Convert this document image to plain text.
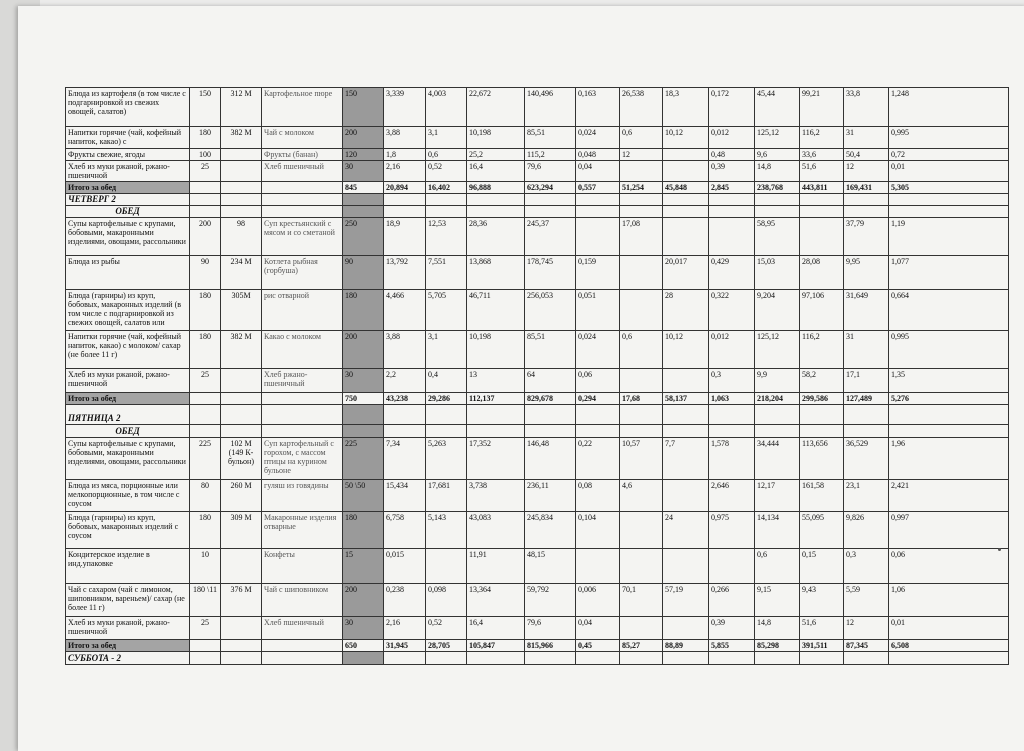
Блюда из картофеля (в том числе с подгарнировкой из свежих овощей, салатов)	150	312 М	Картофельное пюре	150	3,339	4,003	22,672	140,496	0,163	26,538	18,3	0,172	45,44	99,21	33,8	1,248
Напитки горячие (чай, кофейный напиток, какао) с	180	382 М	Чай с молоком	200	3,88	3,1	10,198	85,51	0,024	0,6	10,12	0,012	125,12	116,2	31	0,995
Фрукты свежие, ягоды	100		Фрукты (банан)	120	1,8	0,6	25,2	115,2	0,048	12		0,48	9,6	33,6	50,4	0,72
Хлеб из муки ржаной, ржано-пшеничной	25		Хлеб пшеничный	30	2,16	0,52	16,4	79,6	0,04			0,39	14,8	51,6	12	0,01
Итого за обед				845	20,894	16,402	96,888	623,294	0,557	51,254	45,848	2,845	238,768	443,811	169,431	5,305
ЧЕТВЕРГ 2																
ОБЕД																
Супы картофельные с крупами, бобовыми, макаронными изделиями, овощами, рассольники	200	98	Суп крестьянский с мясом и со сметаной	250	18,9	12,53	28,36	245,37		17,08			58,95		37,79	1,19
Блюда из рыбы	90	234 М	Котлета рыбная (горбуша)	90	13,792	7,551	13,868	178,745	0,159		20,017	0,429	15,03	28,08	9,95	1,077
Блюда (гарниры) из круп, бобовых, макаронных изделий (в том числе с подгарнировкой из свежих овощей, салатов или	180	305М	рис отварной	180	4,466	5,705	46,711	256,053	0,051		28	0,322	9,204	97,106	31,649	0,664
Напитки горячие (чай, кофейный напиток, какао) с молоком/ сахар (не более 11 г)	180	382 М	Какао с молоком	200	3,88	3,1	10,198	85,51	0,024	0,6	10,12	0,012	125,12	116,2	31	0,995
Хлеб из муки ржаной, ржано-пшеничной	25		Хлеб ржано-пшеничный	30	2,2	0,4	13	64	0,06			0,3	9,9	58,2	17,1	1,35
Итого за обед				750	43,238	29,286	112,137	829,678	0,294	17,68	58,137	1,063	218,204	299,586	127,489	5,276
ПЯТНИЦА 2																
ОБЕД																
Супы картофельные с крупами, бобовыми, макаронными изделиями, овощами, рассольники	225	102 М (149 К-бульон)	Суп картофельный с горохом, с массом птицы на курином бульоне	225	7,34	5,263	17,352	146,48	0,22	10,57	7,7	1,578	34,444	113,656	36,529	1,96
Блюда из мяса, порционные или мелкопорционные, в том числе с соусом	80	260 М	гуляш из говядины	50 \50	15,434	17,681	3,738	236,11	0,08	4,6		2,646	12,17	161,58	23,1	2,421
Блюда (гарниры) из круп, бобовых, макаронных изделий с соусом	180	309 М	Макаронные изделия отварные	180	6,758	5,143	43,083	245,834	0,104		24	0,975	14,134	55,095	9,826	0,997
Кондитерское изделие в инд.упаковке	10		Конфеты	15	0,015		11,91	48,15					0,6	0,15	0,3	0,06
Чай с сахаром (чай с лимоном, шиповником, вареньем)/ сахар (не более 11 г)	180 \11	376 М	Чай с шиповником	200	0,238	0,098	13,364	59,792	0,006	70,1	57,19	0,266	9,15	9,43	5,59	1,06
Хлеб из муки ржаной, ржано-пшеничной	25		Хлеб пшеничный	30	2,16	0,52	16,4	79,6	0,04			0,39	14,8	51,6	12	0,01
Итого за обед				650	31,945	28,705	105,847	815,966	0,45	85,27	88,89	5,855	85,298	391,511	87,345	6,508
СУББОТА - 2																
